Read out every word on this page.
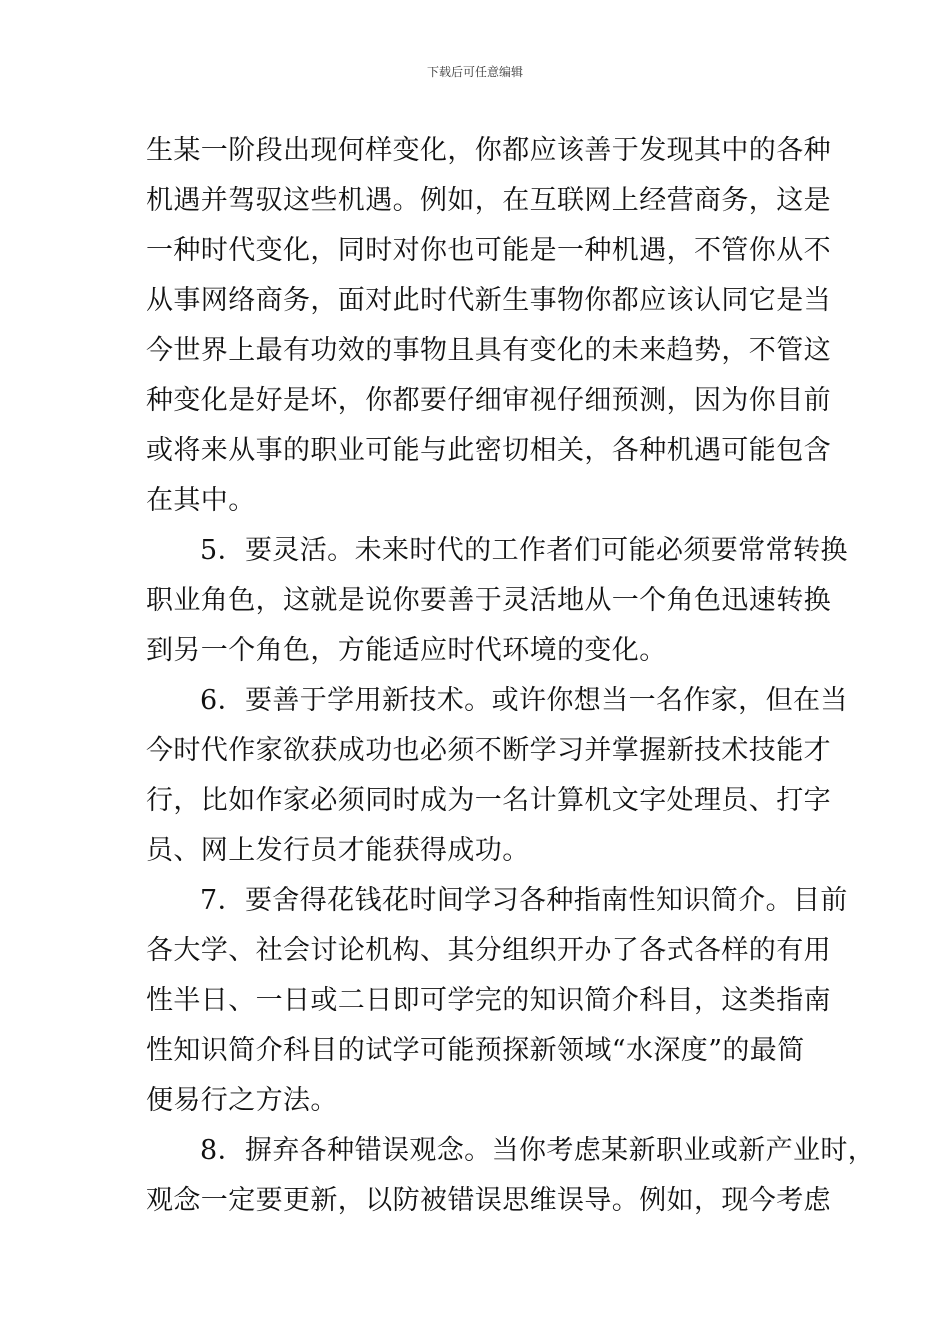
下载后可任意编辑

生某一阶段出现何样变化，你都应该善于发现其中的各种
机遇并驾驭这些机遇。例如，在互联网上经营商务，这是
一种时代变化，同时对你也可能是一种机遇，不管你从不
从事网络商务，面对此时代新生事物你都应该认同它是当
今世界上最有功效的事物且具有变化的未来趋势，不管这
种变化是好是坏，你都要仔细审视仔细预测，因为你目前
或将来从事的职业可能与此密切相关，各种机遇可能包含
在其中。

5．要灵活。未来时代的工作者们可能必须要常常转换
职业角色，这就是说你要善于灵活地从一个角色迅速转换
到另一个角色，方能适应时代环境的变化。

6．要善于学用新技术。或许你想当一名作家，但在当
今时代作家欲获成功也必须不断学习并掌握新技术技能才
行，比如作家必须同时成为一名计算机文字处理员、打字
员、网上发行员才能获得成功。

7．要舍得花钱花时间学习各种指南性知识简介。目前
各大学、社会讨论机构、其分组织开办了各式各样的有用
性半日、一日或二日即可学完的知识简介科目，这类指南
性知识简介科目的试学可能预探新领域“水深度”的最简
便易行之方法。

8．摒弃各种错误观念。当你考虑某新职业或新产业时，
观念一定要更新，以防被错误思维误导。例如，现今考虑
